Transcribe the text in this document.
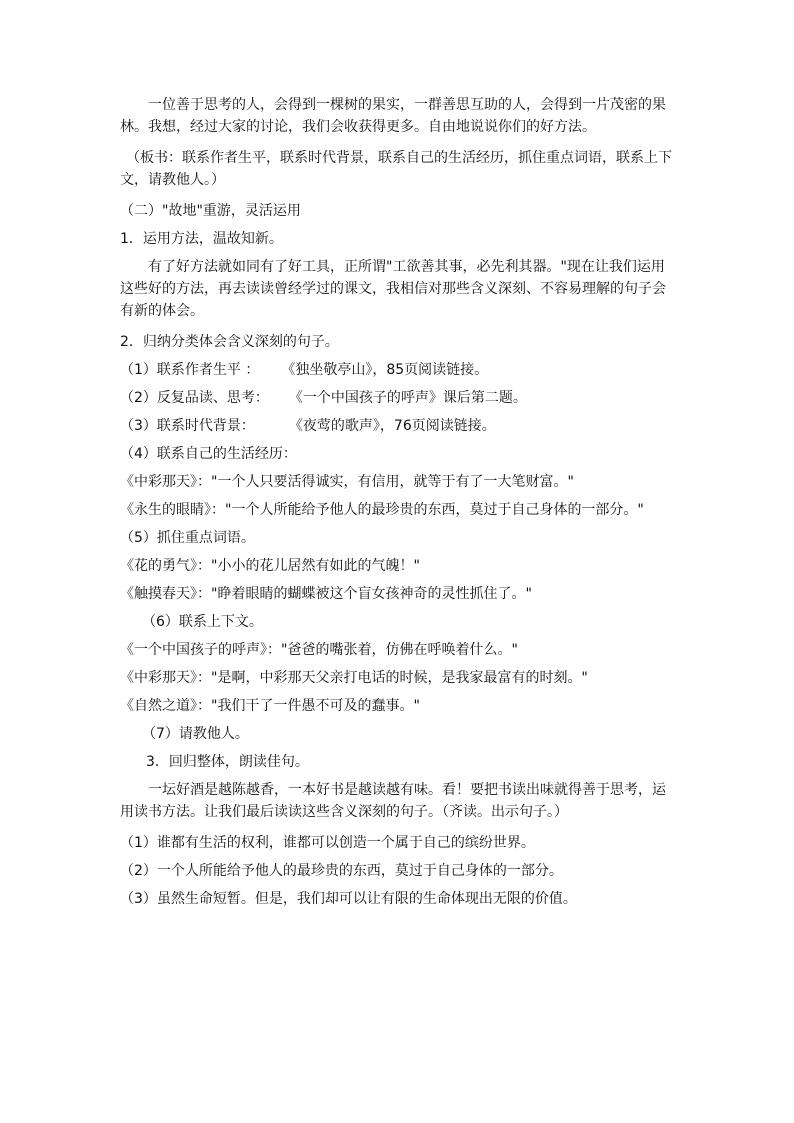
一位善于思考的人，会得到一棵树的果实，一群善思互助的人，会得到一片茂密的果林。我想，经过大家的讨论，我们会收获得更多。自由地说说你们的好方法。

（板书：联系作者生平，联系时代背景，联系自己的生活经历，抓住重点词语，联系上下文，请教他人。）

（二）"故地"重游，灵活运用

1．运用方法，温故知新。

有了好方法就如同有了好工具，正所谓"工欲善其事，必先利其器。"现在让我们运用这些好的方法，再去读读曾经学过的课文，我相信对那些含义深刻、不容易理解的句子会有新的体会。

2．归纳分类体会含义深刻的句子。

（1）联系作者生平 ： 《独坐敬亭山》，85页阅读链接。

（2）反复品读、思考： 《一个中国孩子的呼声》课后第二题。

（3）联系时代背景： 《夜莺的歌声》，76页阅读链接。

（4）联系自己的生活经历：

《中彩那天》："一个人只要活得诚实，有信用，就等于有了一大笔财富。"

《永生的眼睛》："一个人所能给予他人的最珍贵的东西，莫过于自己身体的一部分。"

（5）抓住重点词语。

《花的勇气》："小小的花儿居然有如此的气魄！"

《触摸春天》："睁着眼睛的蝴蝶被这个盲女孩神奇的灵性抓住了。"

（6）联系上下文。

《一个中国孩子的呼声》："爸爸的嘴张着，仿佛在呼唤着什么。"

《中彩那天》："是啊，中彩那天父亲打电话的时候，是我家最富有的时刻。"

《自然之道》："我们干了一件愚不可及的蠢事。"

（7）请教他人。

3．回归整体，朗读佳句。

一坛好酒是越陈越香，一本好书是越读越有味。看！要把书读出味就得善于思考，运用读书方法。让我们最后读读这些含义深刻的句子。（齐读。出示句子。）

（1）谁都有生活的权利，谁都可以创造一个属于自己的缤纷世界。

（2）一个人所能给予他人的最珍贵的东西，莫过于自己身体的一部分。

（3）虽然生命短暂。但是，我们却可以让有限的生命体现出无限的价值。
